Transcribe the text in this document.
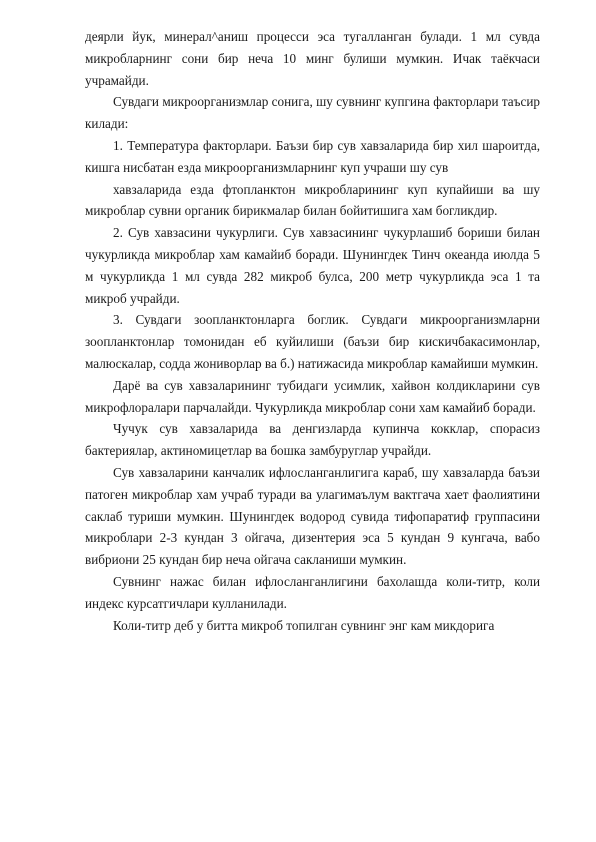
деярли йук, минерал^аниш процесси эса тугалланган булади. 1 мл сувда микробларнинг сони бир неча 10 минг булиши мумкин. Ичак таёкчаси учрамайди.

Сувдаги микроорганизмлар сонига, шу сувнинг купгина факторлари таъсир килади:

1. Температура факторлари. Баъзи бир сув хавзаларида бир хил шароитда, кишга нисбатан езда микроорганизмларнинг куп учраши шу сув

хавзаларида езда фтопланктон микробларининг куп купайиши ва шу микроблар сувни органик бирикмалар билан бойитишига хам богликдир.

2. Сув хавзасини чукурлиги. Сув хавзасининг чукурлашиб бориши билан чукурликда микроблар хам камайиб боради. Шунингдек Тинч океанда июлда 5 м чукурликда 1 мл сувда 282 микроб булса, 200 метр чукурликда эса 1 та микроб учрайди.

3. Сувдаги зоопланктонларга боглик. Сувдаги микроорганизмларни зоопланктонлар томонидан еб куйилиши (баъзи бир кискичбакасимонлар, малюскалар, содда жониворлар ва б.) натижасида микроблар камайиши мумкин.

Дарё ва сув хавзаларининг тубидаги усимлик, хайвон колдикларини сув микрофлоралари парчалайди. Чукурликда микроблар сони хам камайиб боради.

Чучук сув хавзаларида ва денгизларда купинча кокклар, спорасиз бактериялар, актиномицетлар ва бошка замбуруглар учрайди.

Сув хавзаларини канчалик ифлосланганлигига караб, шу хавзаларда баъзи патоген микроблар хам учраб туради ва улагимаълум вактгача хает фаолиятини саклаб туриши мумкин. Шунингдек водород сувида тифопаратиф группасини микроблари 2-3 кундан 3 ойгача, дизентерия эса 5 кундан 9 кунгача, вабо вибриони 25 кундан бир неча ойгача сакланиши мумкин.

Сувнинг нажас билан ифлосланганлигини бахолашда коли-титр, коли индекс курсатгичлари кулланилади.

Коли-титр деб у битта микроб топилган сувнинг энг кам микдорига
